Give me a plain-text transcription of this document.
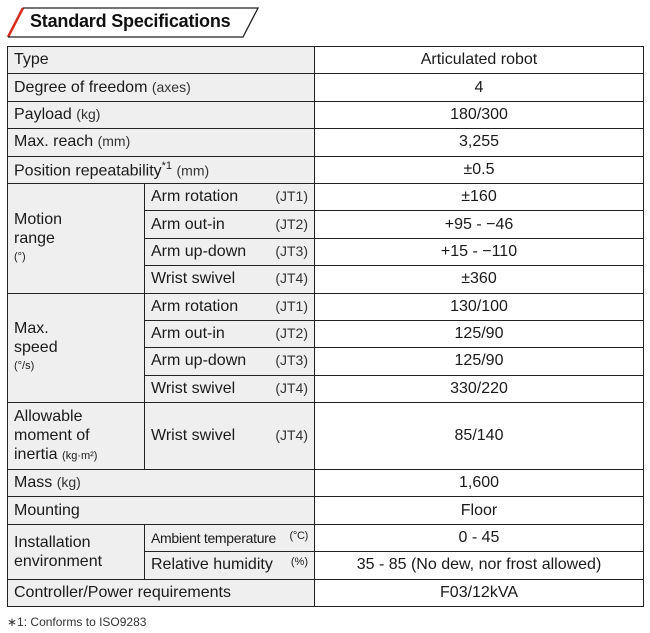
Standard Specifications
Type		Articulated robot
Degree of freedom (axes)		4
Payload (kg)		180/300
Max. reach (mm)		3,255
Position repeatability$^{*1}$ (mm)		±0.5

Motion
range
(°)	Arm rotation (JT1)	±160

	Arm out-in (JT2)	+95 - −46

	Arm up-down (JT3)	+15 - −110

	Wrist swivel (JT4)	±360

Max.
speed
(°/s)	Arm rotation (JT1)	130/100

	Arm out-in (JT2)	125/90

	Arm up-down (JT3)	125/90

	Wrist swivel (JT4)	330/220

Allowable
moment of
inertia (kg·m²)	Wrist swivel (JT4)	85/140
Mass (kg)		1,600
Mounting		Floor

Installation
environment	Ambient temperature (°C)	0 - 45

	Relative humidity (%)	35 - 85 (No dew, nor frost allowed)
Controller/Power requirements		F03/12kVA
∗1: Conforms to ISO9283
